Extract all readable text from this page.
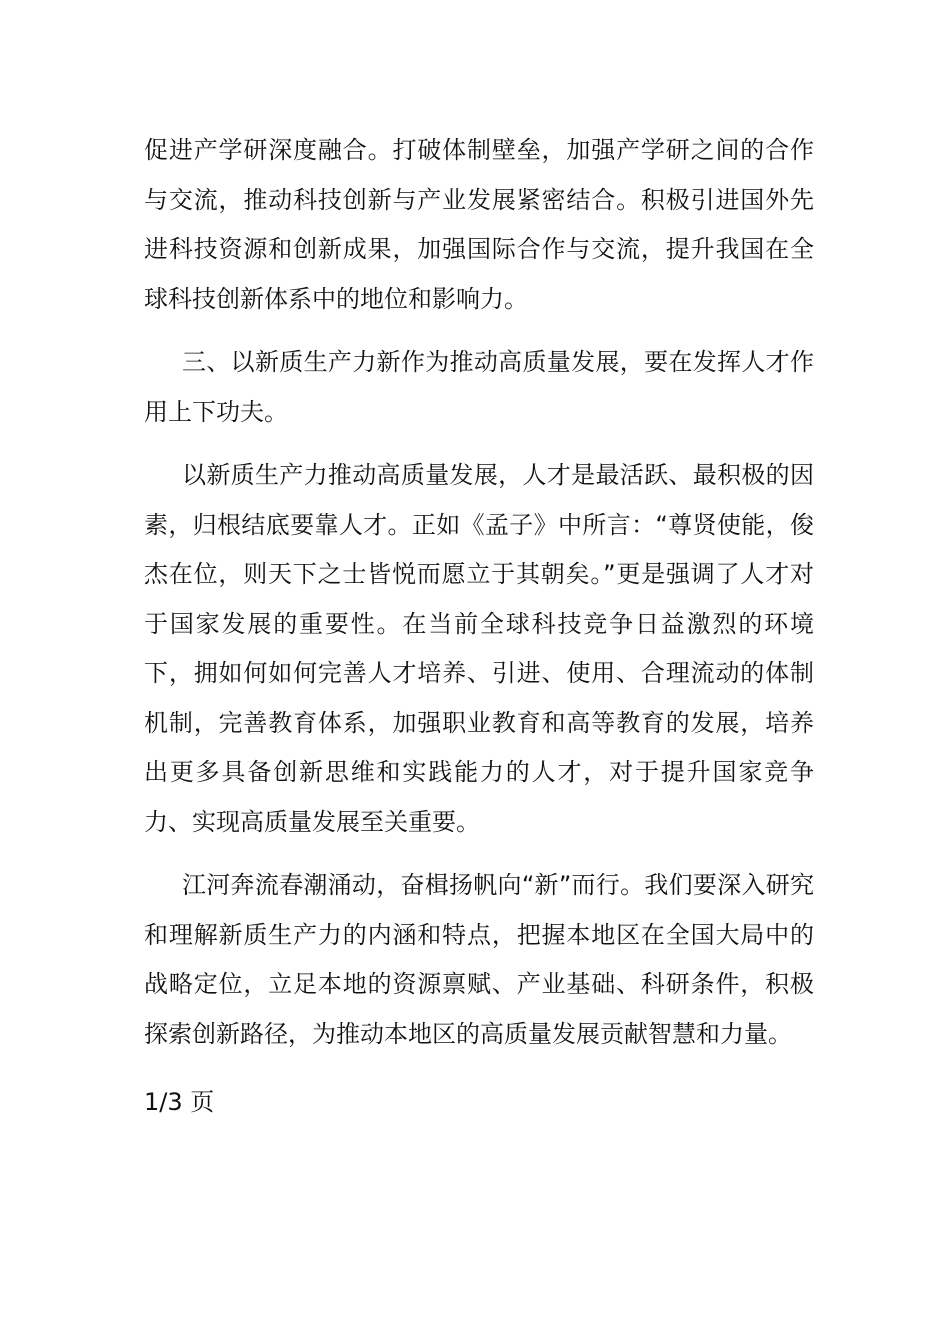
促进产学研深度融合。打破体制壁垒，加强产学研之间的合作与交流，推动科技创新与产业发展紧密结合。积极引进国外先进科技资源和创新成果，加强国际合作与交流，提升我国在全球科技创新体系中的地位和影响力。

三、以新质生产力新作为推动高质量发展，要在发挥人才作用上下功夫。

以新质生产力推动高质量发展，人才是最活跃、最积极的因素，归根结底要靠人才。正如《孟子》中所言：“尊贤使能，俊杰在位，则天下之士皆悦而愿立于其朝矣。”更是强调了人才对于国家发展的重要性。在当前全球科技竞争日益激烈的环境下，拥如何如何完善人才培养、引进、使用、合理流动的体制机制，完善教育体系，加强职业教育和高等教育的发展，培养出更多具备创新思维和实践能力的人才，对于提升国家竞争力、实现高质量发展至关重要。

江河奔流春潮涌动，奋楫扬帆向“新”而行。我们要深入研究和理解新质生产力的内涵和特点，把握本地区在全国大局中的战略定位，立足本地的资源禀赋、产业基础、科研条件，积极探索创新路径，为推动本地区的高质量发展贡献智慧和力量。

1/3 页
